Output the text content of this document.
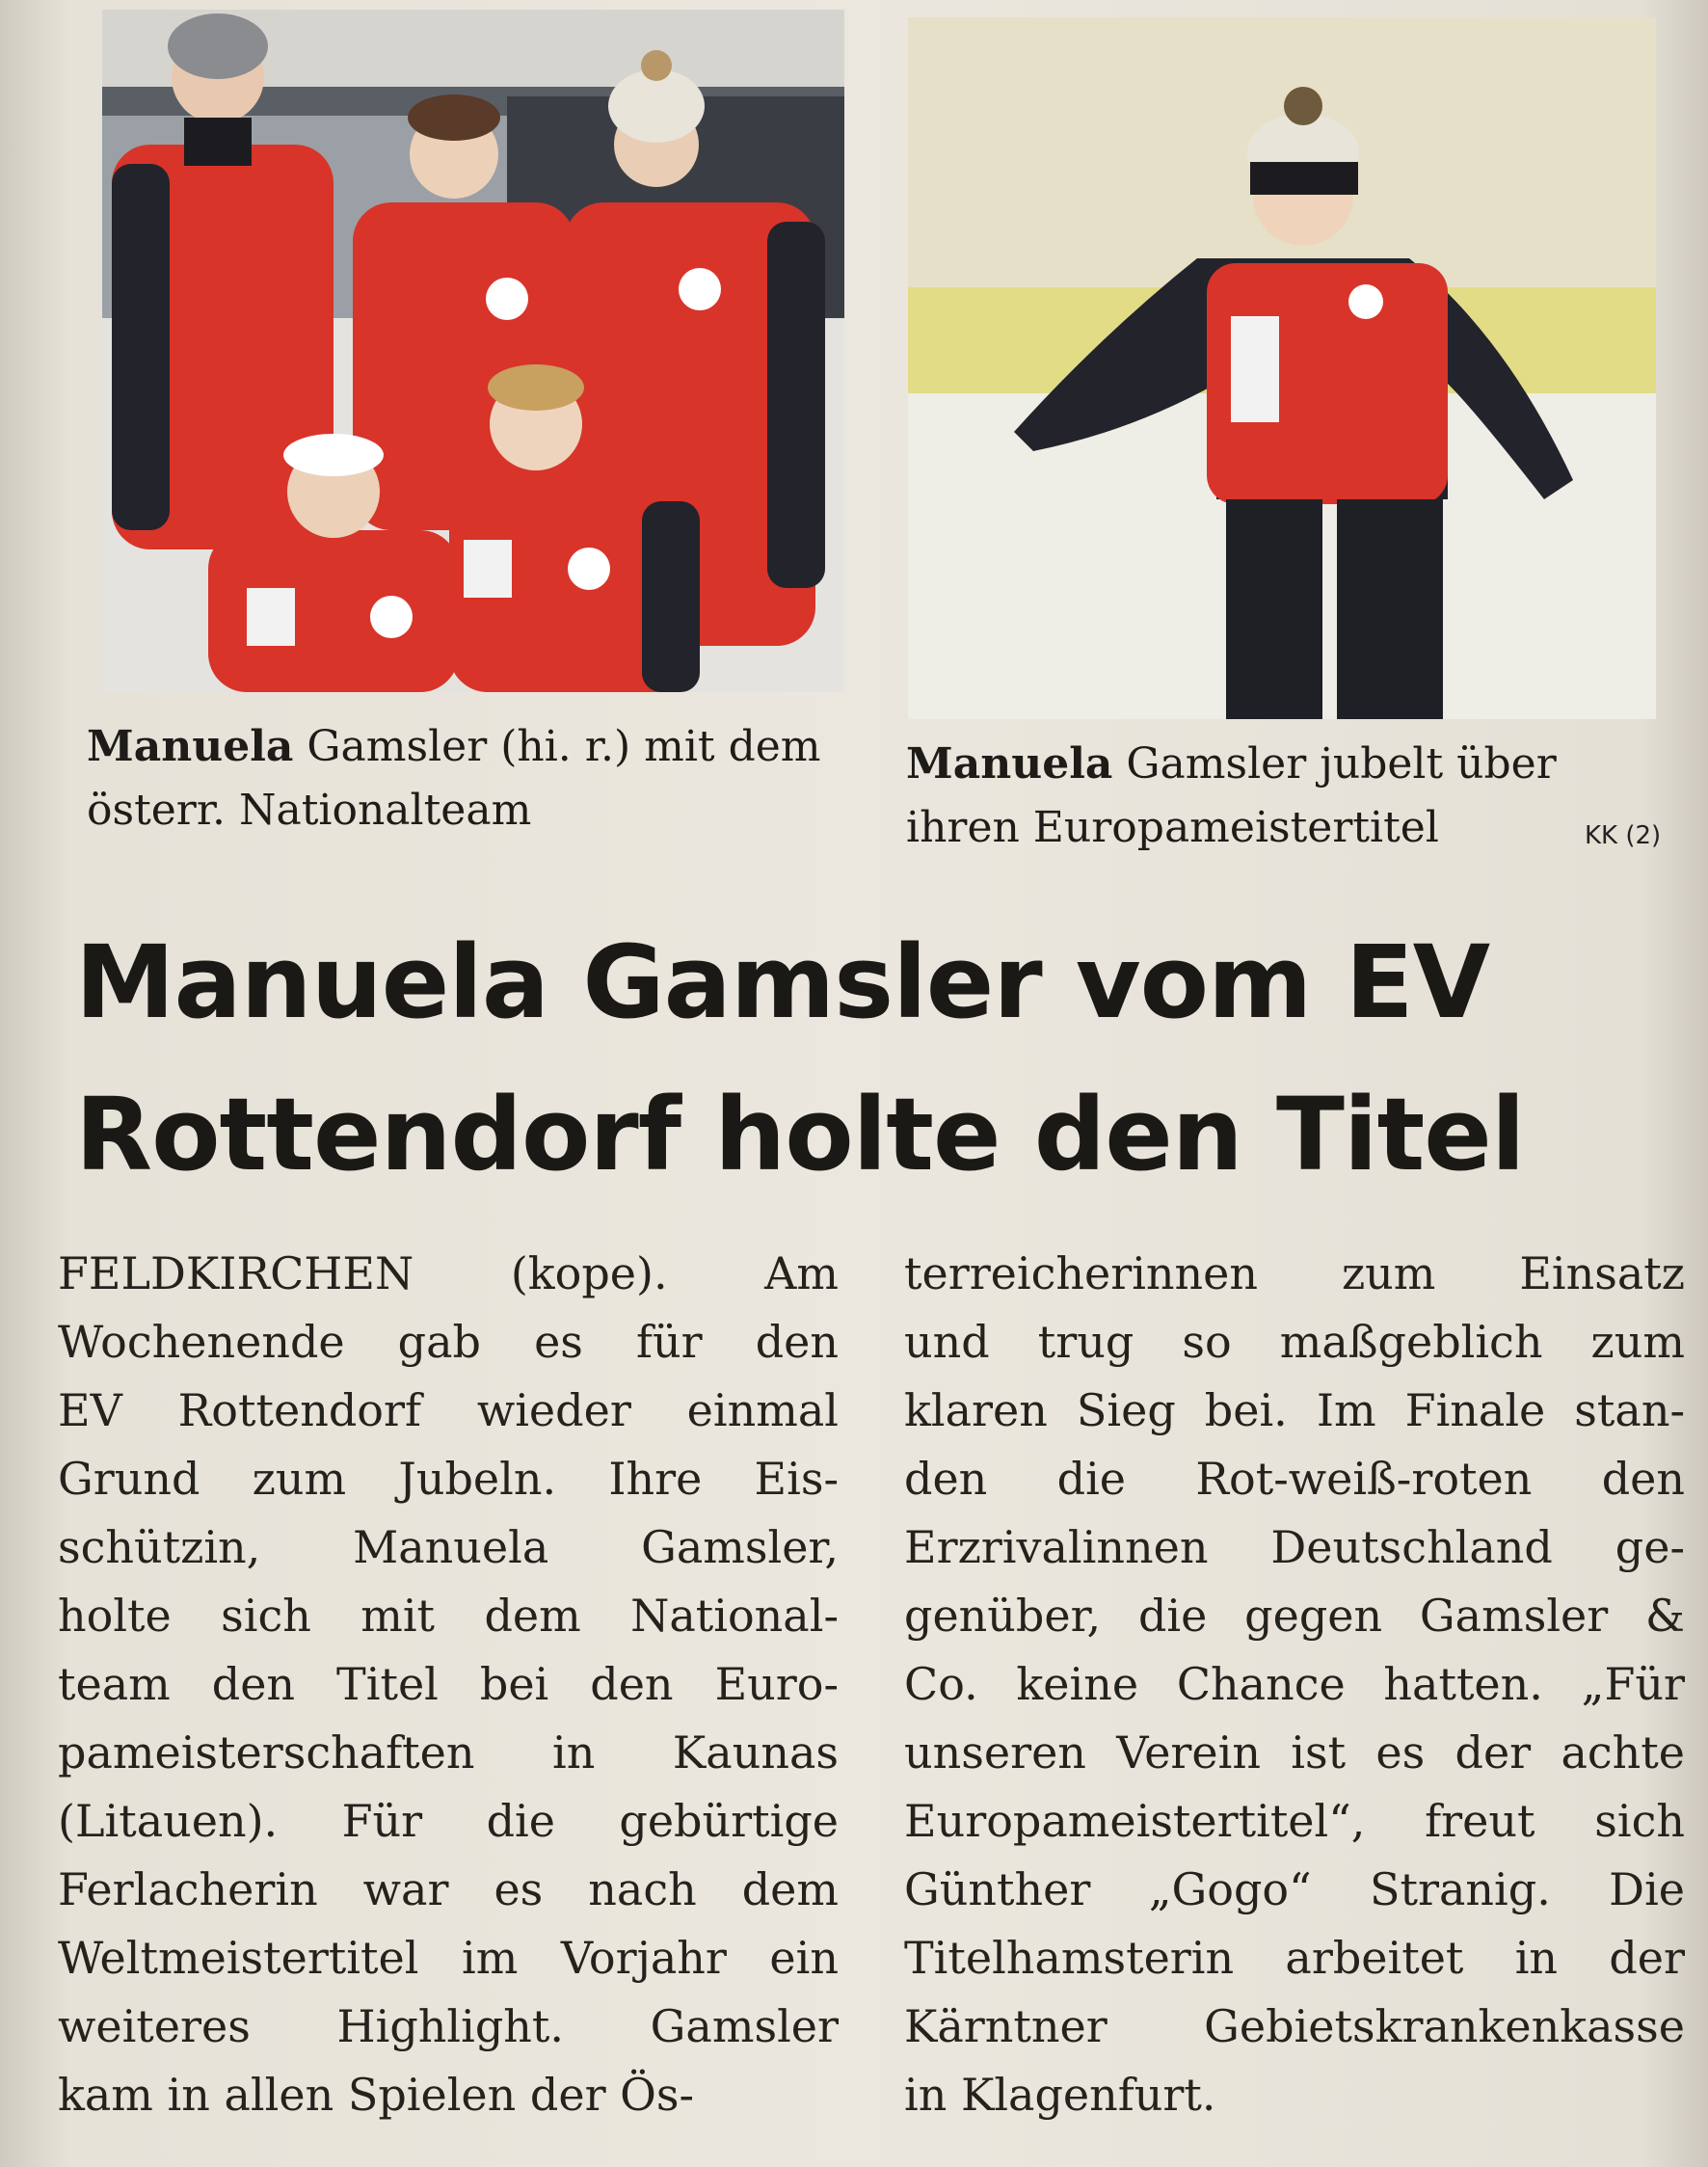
Manuela Gamsler (hi. r.) mit dem österr. Nationalteam
Manuela Gamsler jubelt über ihren Europameistertitel	KK (2)
Manuela Gamsler vom EV
Rottendorf holte den Titel
FELDKIRCHEN (kope). Am
Wochenende gab es für den
EV Rottendorf wieder einmal
Grund zum Jubeln. Ihre Eis-
schützin, Manuela Gamsler,
holte sich mit dem National-
team den Titel bei den Euro-
pameisterschaften in Kaunas
(Litauen). Für die gebürtige
Ferlacherin war es nach dem
Weltmeistertitel im Vorjahr ein
weiteres Highlight. Gamsler
kam in allen Spielen der Ös-
terreicherinnen zum Einsatz
und trug so maßgeblich zum
klaren Sieg bei. Im Finale stan-
den die Rot-weiß-roten den
Erzrivalinnen Deutschland ge-
genüber, die gegen Gamsler &
Co. keine Chance hatten. „Für
unseren Verein ist es der achte
Europameistertitel“, freut sich
Günther „Gogo“ Stranig. Die
Titelhamsterin arbeitet in der
Kärntner Gebietskrankenkasse
in Klagenfurt.
